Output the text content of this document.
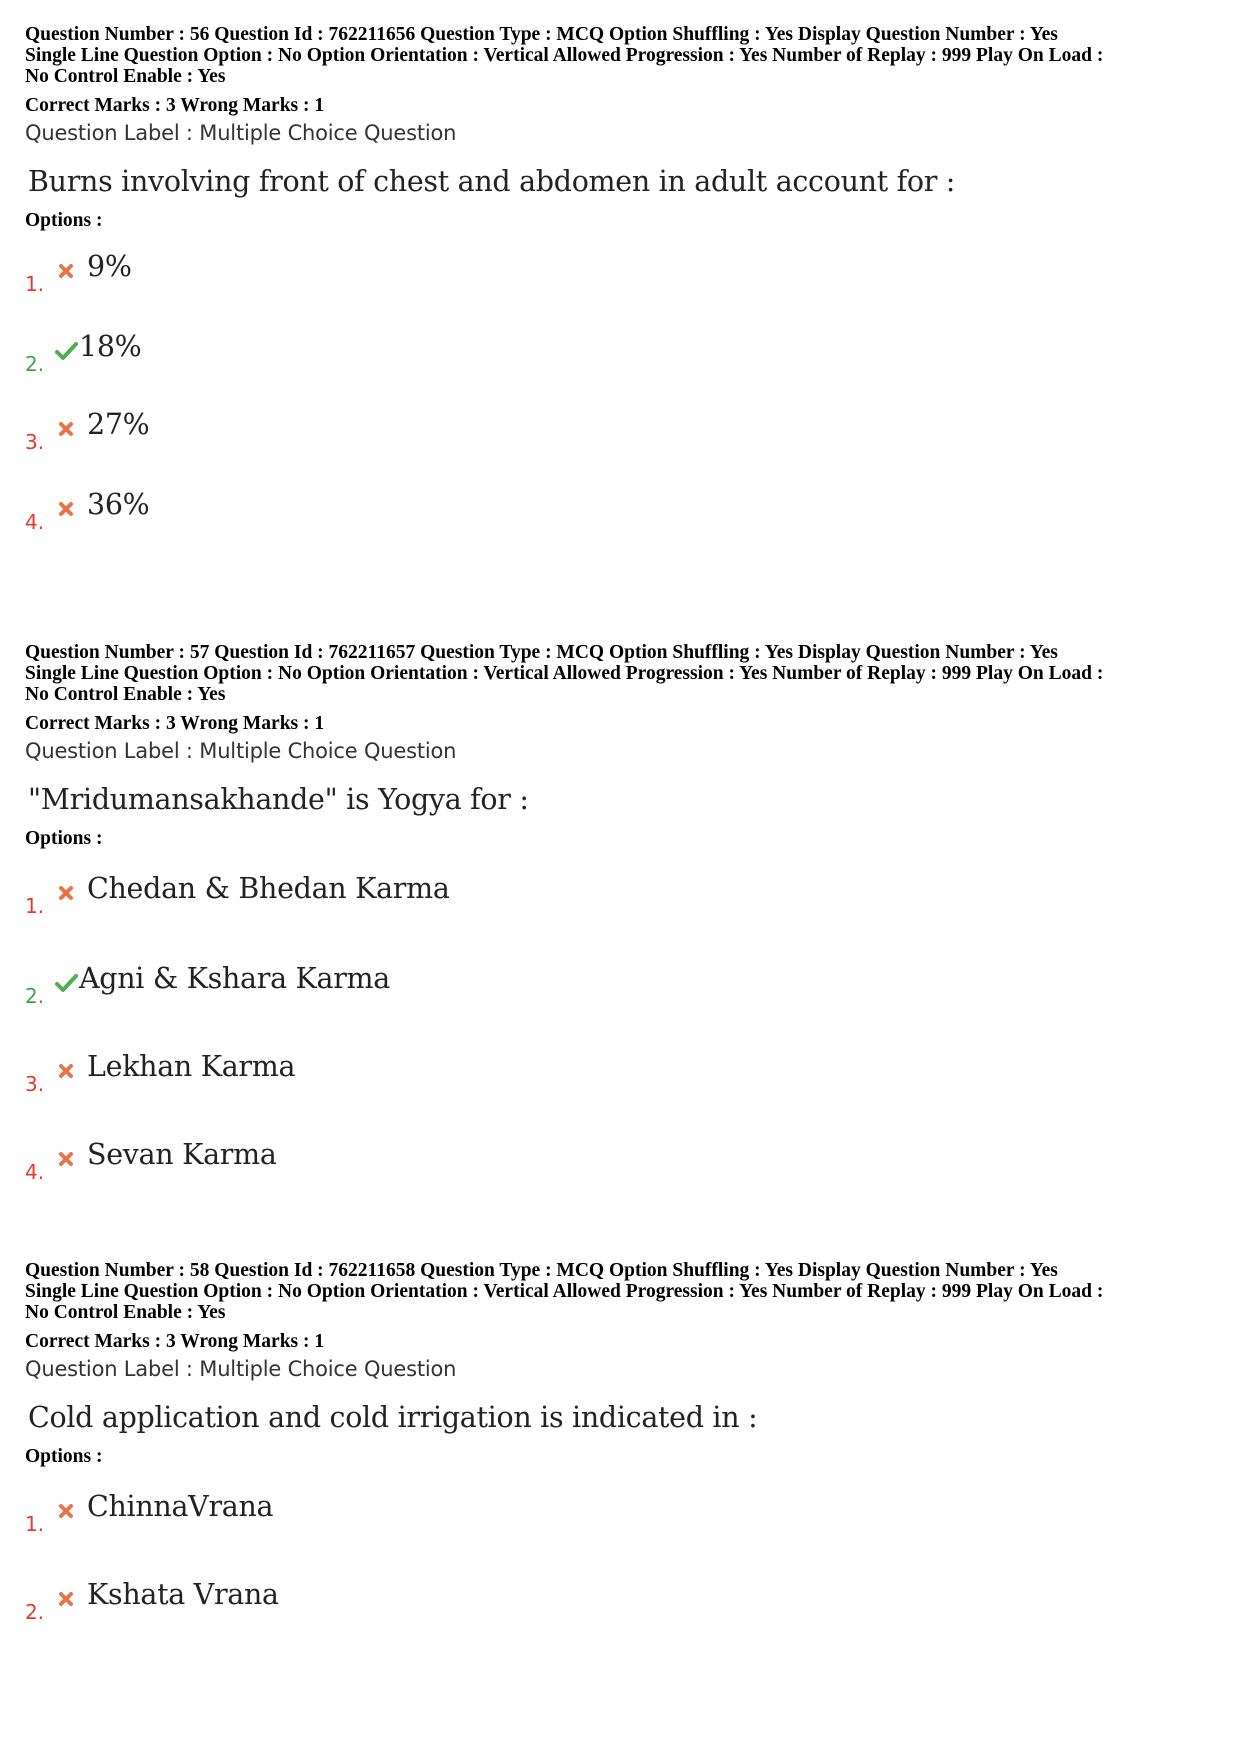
Question Number : 56 Question Id : 762211656 Question Type : MCQ Option Shuffling : Yes Display Question Number : Yes
Single Line Question Option : No Option Orientation : Vertical Allowed Progression : Yes Number of Replay : 999 Play On Load :
No Control Enable : Yes
Correct Marks : 3 Wrong Marks : 1
Question Label : Multiple Choice Question
Burns involving front of chest and abdomen in adult account for :
Options :
1.
9%
2.
18%
3.
27%
4.
36%
Question Number : 57 Question Id : 762211657 Question Type : MCQ Option Shuffling : Yes Display Question Number : Yes
Single Line Question Option : No Option Orientation : Vertical Allowed Progression : Yes Number of Replay : 999 Play On Load :
No Control Enable : Yes
Correct Marks : 3 Wrong Marks : 1
Question Label : Multiple Choice Question
"Mridumansakhande" is Yogya for :
Options :
1.
Chedan & Bhedan Karma
2.
Agni & Kshara Karma
3.
Lekhan Karma
4.
Sevan Karma
Question Number : 58 Question Id : 762211658 Question Type : MCQ Option Shuffling : Yes Display Question Number : Yes
Single Line Question Option : No Option Orientation : Vertical Allowed Progression : Yes Number of Replay : 999 Play On Load :
No Control Enable : Yes
Correct Marks : 3 Wrong Marks : 1
Question Label : Multiple Choice Question
Cold application and cold irrigation is indicated in :
Options :
1.
ChinnaVrana
2.
Kshata Vrana
